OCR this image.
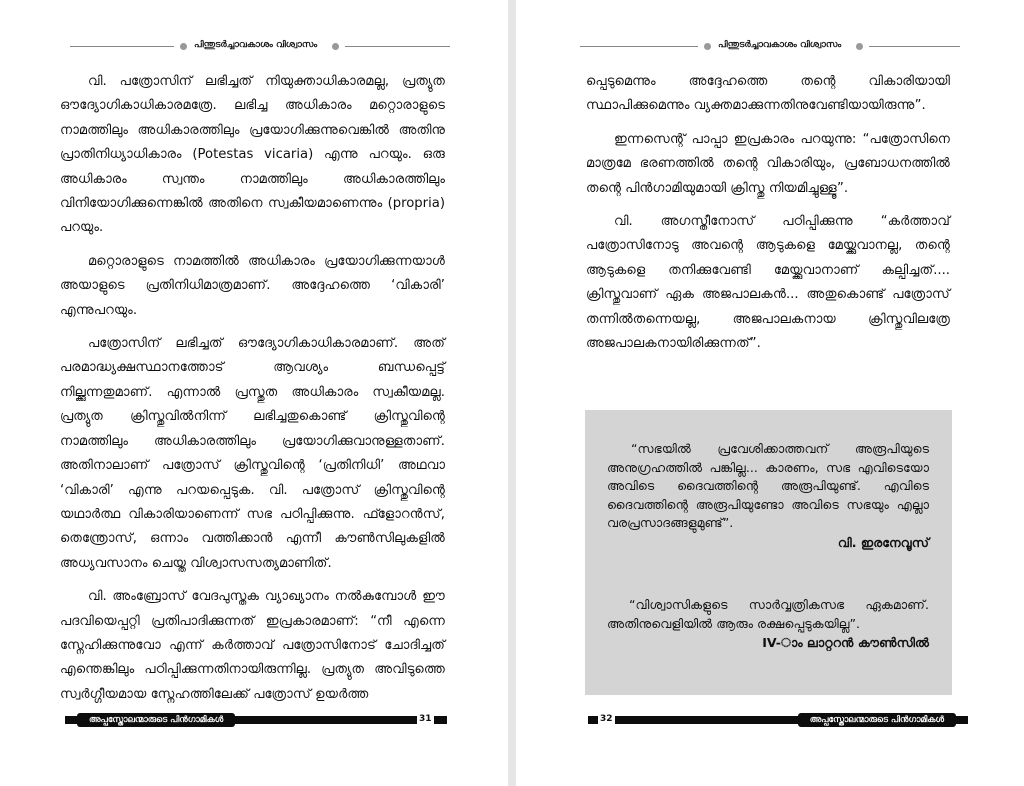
പിന്തുടർച്ചാവകാശം വിശ്വാസം

വി. പത്രോസിന് ലഭിച്ചത് നിയുക്താധികാരമല്ല, പ്രത്യുത ഔദ്യോഗികാധികാരമത്രേ. ലഭിച്ച അധികാരം മറ്റൊരാളുടെ നാമത്തിലും അധികാരത്തിലും പ്രയോഗിക്കുന്നുവെങ്കിൽ അതിനു പ്രാതിനിധ്യാധികാരം (Potestas vicaria) എന്നു പറയും. ഒരു അധികാരം സ്വന്തം നാമത്തിലും അധികാരത്തിലും വിനിയോഗിക്കുന്നെങ്കിൽ അതിനെ സ്വകീയമാണെന്നും (propria) പറയും.

മറ്റൊരാളുടെ നാമത്തിൽ അധികാരം പ്രയോഗിക്കുന്നയാൾ അയാളുടെ പ്രതിനിധിമാത്രമാണ്. അദ്ദേഹത്തെ ‘വികാരി’ എന്നുപറയും.

പത്രോസിന് ലഭിച്ചത് ഔദ്യോഗികാധികാരമാണ്. അത് പരമാദ്ധ്യക്ഷസ്ഥാനത്തോട് ആവശ്യം ബന്ധപ്പെട്ട് നില്ക്കുന്നതുമാണ്. എന്നാൽ പ്രസ്തുത അധികാരം സ്വകീയമല്ല. പ്രത്യുത ക്രിസ്തുവിൽനിന്ന് ലഭിച്ചതുകൊണ്ട് ക്രിസ്തുവിന്റെ നാമത്തിലും അധികാരത്തിലും പ്രയോഗിക്കുവാനുള്ളതാണ്. അതിനാലാണ് പത്രോസ് ക്രിസ്തുവിന്റെ ‘പ്രതിനിധി’ അഥവാ ‘വികാരി’ എന്നു പറയപ്പെടുക. വി. പത്രോസ് ക്രിസ്തുവിന്റെ യഥാർത്ഥ വികാരിയാണെന്ന് സഭ പഠിപ്പിക്കുന്നു. ഫ്ളോറൻസ്, തെന്ത്രോസ്, ഒന്നാം വത്തിക്കാൻ എന്നീ കൗൺസിലുകളിൽ അധ്യവസാനം ചെയ്ത വിശ്വാസസത്യമാണിത്.

വി. അംബ്രോസ് വേദപുസ്തക വ്യാഖ്യാനം നൽകുമ്പോൾ ഈ പദവിയെപ്പറ്റി പ്രതിപാദിക്കുന്നത് ഇപ്രകാരമാണ്: “നീ എന്നെ സ്നേഹിക്കുന്നുവോ എന്ന് കർത്താവ് പത്രോസിനോട് ചോദിച്ചത് എന്തെങ്കിലും പഠിപ്പിക്കുന്നതിനായിരുന്നില്ല. പ്രത്യുത അവിടുത്തെ സ്വർഗ്ഗീയമായ സ്നേഹത്തിലേക്ക് പത്രോസ് ഉയർത്ത

അപ്പസ്തോലന്മാരുടെ പിൻഗാമികൾ	31
പിന്തുടർച്ചാവകാശം വിശ്വാസം

പ്പെടുമെന്നും അദ്ദേഹത്തെ തന്റെ വികാരിയായി സ്ഥാപിക്കുമെന്നും വ്യക്തമാക്കുന്നതിനുവേണ്ടിയായിരുന്നു”.

ഇന്നസെന്റ് പാപ്പാ ഇപ്രകാരം പറയുന്നു: “പത്രോസിനെ മാത്രമേ ഭരണത്തിൽ തന്റെ വികാരിയും, പ്രബോധനത്തിൽ തന്റെ പിൻഗാമിയുമായി ക്രിസ്തു നിയമിച്ചുള്ളൂ”.

വി. അഗസ്തീനോസ് പഠിപ്പിക്കുന്നു “കർത്താവ് പത്രോസിനോടു അവന്റെ ആടുകളെ മേയ്ക്കുവാനല്ല, തന്റെ ആടുകളെ തനിക്കുവേണ്ടി മേയ്ക്കുവാനാണ് കല്പിച്ചത്.... ക്രിസ്തുവാണ് ഏക അജപാലകൻ... അതുകൊണ്ട് പത്രോസ് തന്നിൽതന്നെയല്ല, അജപാലകനായ ക്രിസ്തുവിലത്രേ അജപാലകനായിരിക്കുന്നത്”.

32	അപ്പസ്തോലന്മാരുടെ പിൻഗാമികൾ
“സഭയിൽ പ്രവേശിക്കാത്തവന് അരൂപിയുടെ അനുഗ്രഹത്തിൽ പങ്കില്ല... കാരണം, സഭ എവിടെയോ അവിടെ ദൈവത്തിന്റെ അരൂപിയുണ്ട്. എവിടെ ദൈവത്തിന്റെ അരൂപിയുണ്ടോ അവിടെ സഭയും എല്ലാ വരപ്രസാദങ്ങളുമുണ്ട്”.
വി. ഇരനേവൂസ്
“വിശ്വാസികളുടെ സാർവ്വത്രികസഭ ഏകമാണ്. അതിനുവെളിയിൽ ആരും രക്ഷപ്പെടുകയില്ല”.
IV-ാം ലാറ്ററൻ കൗൺസിൽ
